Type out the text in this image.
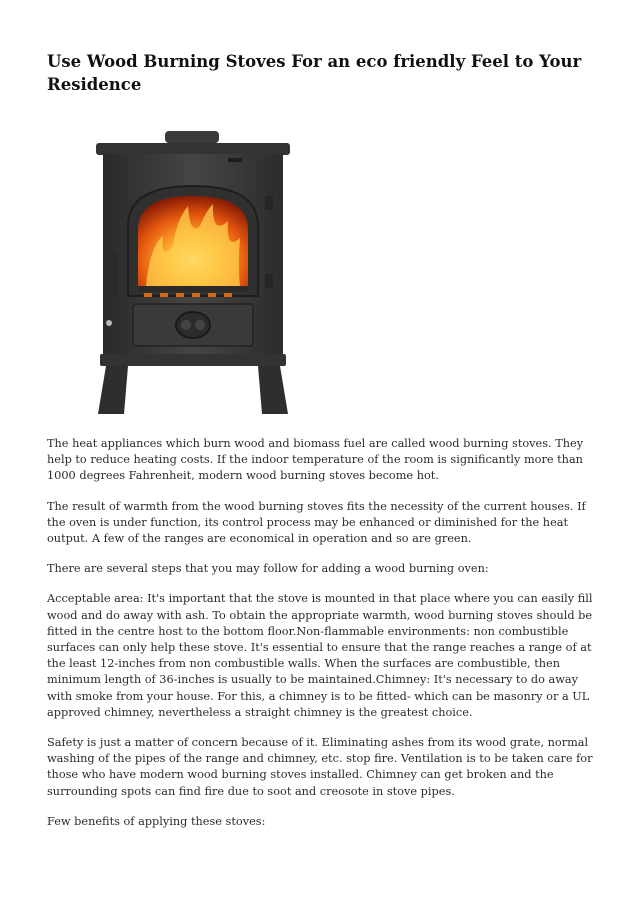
Use Wood Burning Stoves For an eco friendly Feel to Your Residence

The heat appliances which burn wood and biomass fuel are called wood burning stoves. They help to reduce heating costs. If the indoor temperature of the room is significantly more than 1000 degrees Fahrenheit, modern wood burning stoves become hot.

The result of warmth from the wood burning stoves fits the necessity of the current houses. If the oven is under function, its control process may be enhanced or diminished for the heat output. A few of the ranges are economical in operation and so are green.

There are several steps that you may follow for adding a wood burning oven:

Acceptable area: It's important that the stove is mounted in that place where you can easily fill wood and do away with ash. To obtain the appropriate warmth, wood burning stoves should be fitted in the centre host to the bottom floor.Non-flammable environments: non combustible surfaces can only help these stove. It's essential to ensure that the range reaches a range of at the least 12-inches from non combustible walls. When the surfaces are combustible, then minimum length of 36-inches is usually to be maintained.Chimney: It's necessary to do away with smoke from your house. For this, a chimney is to be fitted- which can be masonry or a UL approved chimney, nevertheless a straight chimney is the greatest choice.

Safety is just a matter of concern because of it. Eliminating ashes from its wood grate, normal washing of the pipes of the range and chimney, etc. stop fire. Ventilation is to be taken care for those who have modern wood burning stoves installed. Chimney can get broken and the surrounding spots can find fire due to soot and creosote in stove pipes.

Few benefits of applying these stoves:
